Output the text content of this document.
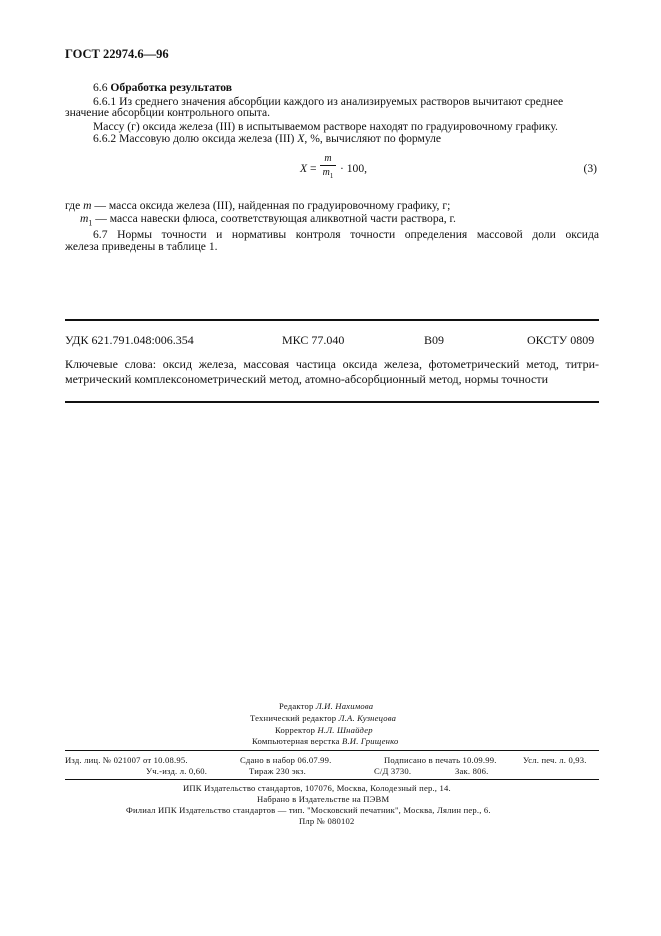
ГОСТ 22974.6—96
6.6 Обработка результатов
6.6.1 Из среднего значения абсорбции каждого из анализируемых растворов вычитают среднее
значение абсорбции контрольного опыта.
Массу (г) оксида железа (III) в испытываемом растворе находят по градуировочному графику.
6.6.2 Массовую долю оксида железа (III) X, %, вычисляют по формуле
X =
m
$m_1$
· 100,	(3)
где m — масса оксида железа (III), найденная по градуировочному графику, г;
$m_1$ — масса навески флюса, соответствующая аликвотной части раствора, г.
6.7 Нормы точности и нормативы контроля точности определения массовой доли оксида
железа приведены в таблице 1.
УДК 621.791.048:006.354	МКС 77.040	В09	ОКСТУ 0809
Ключевые слова: оксид железа, массовая частица оксида железа, фотометрический метод, титри-
метрический комплексонометрический метод, атомно-абсорбционный метод, нормы точности
Редактор Л.И. Нахимова
Технический редактор Л.А. Кузнецова
Корректор Н.Л. Шнайдер
Компьютерная верстка В.И. Грищенко
Изд. лиц. № 021007 от 10.08.95.	Сдано в набор 06.07.99.	Подписано в печать 10.09.99.	Усл. печ. л. 0,93.
Уч.-изд. л. 0,60.	Тираж 230 экз.	С/Д 3730.	Зак. 806.
ИПК Издательство стандартов, 107076, Москва, Колодезный пер., 14.
Набрано в Издательстве на ПЭВМ
Филиал ИПК Издательство стандартов — тип. "Московский печатник", Москва, Лялин пер., 6.
Плр № 080102
